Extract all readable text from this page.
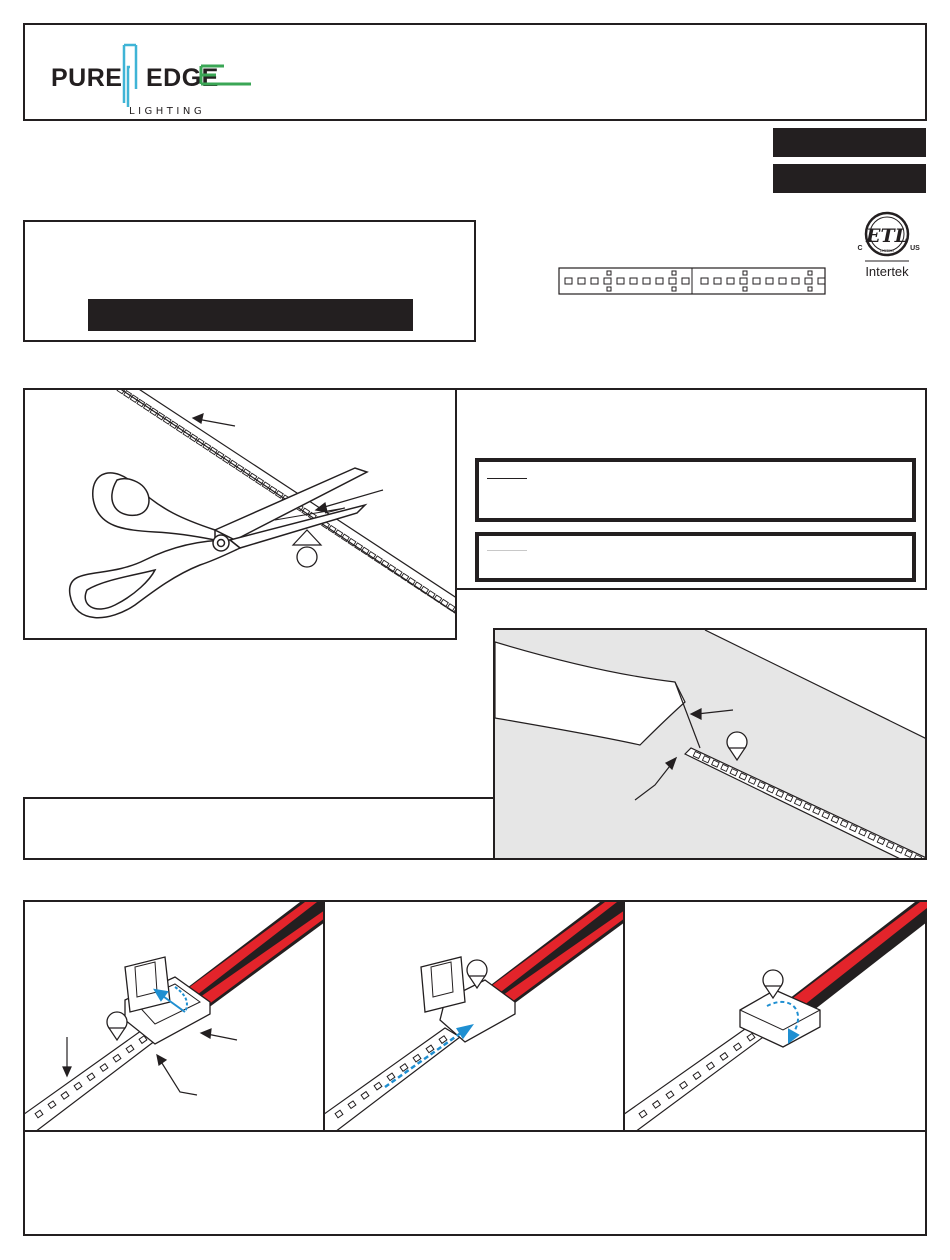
PURE EDGE
LIGHTING
ETL
LISTED
C	US
Intertek
